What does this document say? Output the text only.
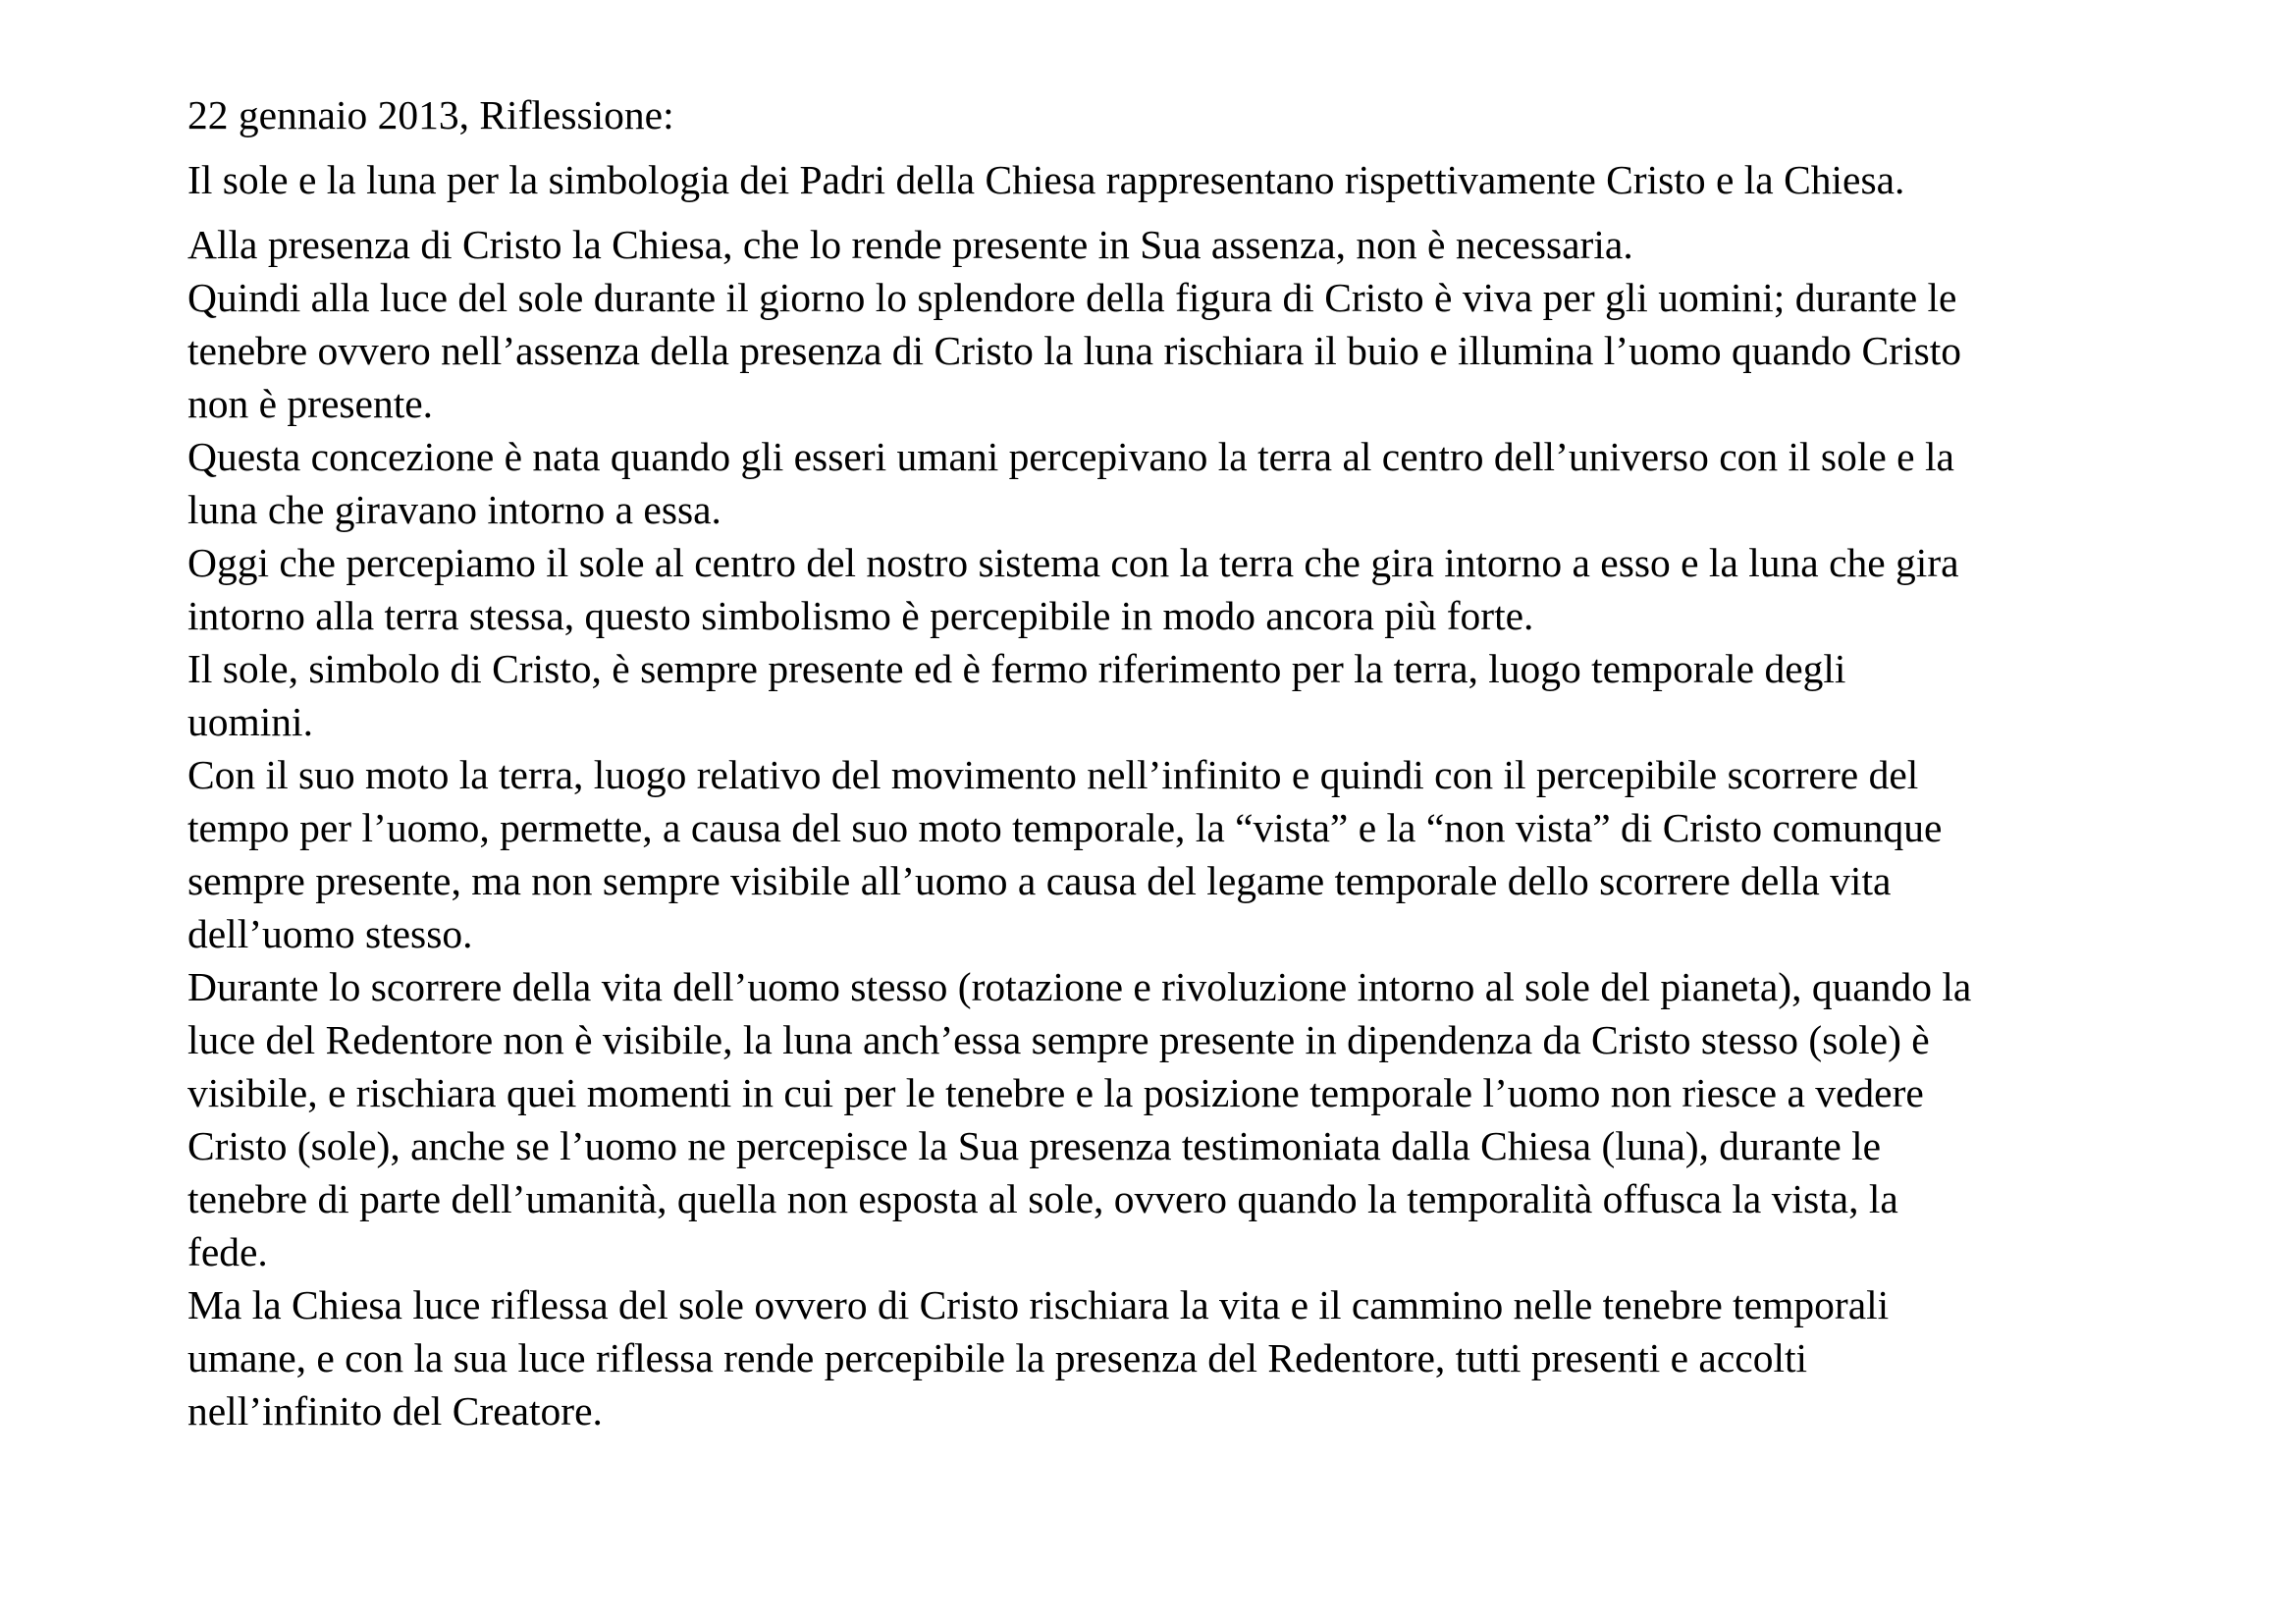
22 gennaio 2013, Riflessione:

Il sole e la luna per la simbologia dei Padri della Chiesa rappresentano rispettivamente Cristo e la Chiesa.

Alla presenza di Cristo la Chiesa, che lo rende presente in Sua assenza, non è necessaria.
Quindi alla luce del sole durante il giorno lo splendore della figura di Cristo è viva per gli uomini; durante le
tenebre ovvero nell’assenza della presenza di Cristo la luna rischiara il buio e illumina l’uomo quando Cristo
non è presente.
Questa concezione è nata quando gli esseri umani percepivano la terra al centro dell’universo con il sole e la
luna che giravano intorno a essa.
Oggi che percepiamo il sole al centro del nostro sistema con la terra che gira intorno a esso e la luna che gira
intorno alla terra stessa, questo simbolismo è percepibile in modo ancora più forte.
Il sole, simbolo di Cristo, è sempre presente ed è fermo riferimento per la terra, luogo temporale degli
uomini.
Con il suo moto la terra, luogo relativo del movimento nell’infinito e quindi con il percepibile scorrere del
tempo per l’uomo, permette, a causa del suo moto temporale, la “vista” e la “non vista” di Cristo comunque
sempre presente, ma non sempre visibile all’uomo a causa del legame temporale dello scorrere della vita
dell’uomo stesso.
Durante lo scorrere della vita dell’uomo stesso (rotazione e rivoluzione intorno al sole del pianeta), quando la
luce del Redentore non è visibile, la luna anch’essa sempre presente in dipendenza da Cristo stesso (sole) è
visibile, e rischiara quei momenti in cui per le tenebre e la posizione temporale l’uomo non riesce a vedere
Cristo (sole), anche se l’uomo ne percepisce la Sua presenza testimoniata dalla Chiesa (luna), durante le
tenebre di parte dell’umanità, quella non esposta al sole, ovvero quando la temporalità offusca la vista, la
fede.
Ma la Chiesa luce riflessa del sole ovvero di Cristo rischiara la vita e il cammino nelle tenebre temporali
umane, e con la sua luce riflessa rende percepibile la presenza del Redentore, tutti presenti e accolti
nell’infinito del Creatore.
